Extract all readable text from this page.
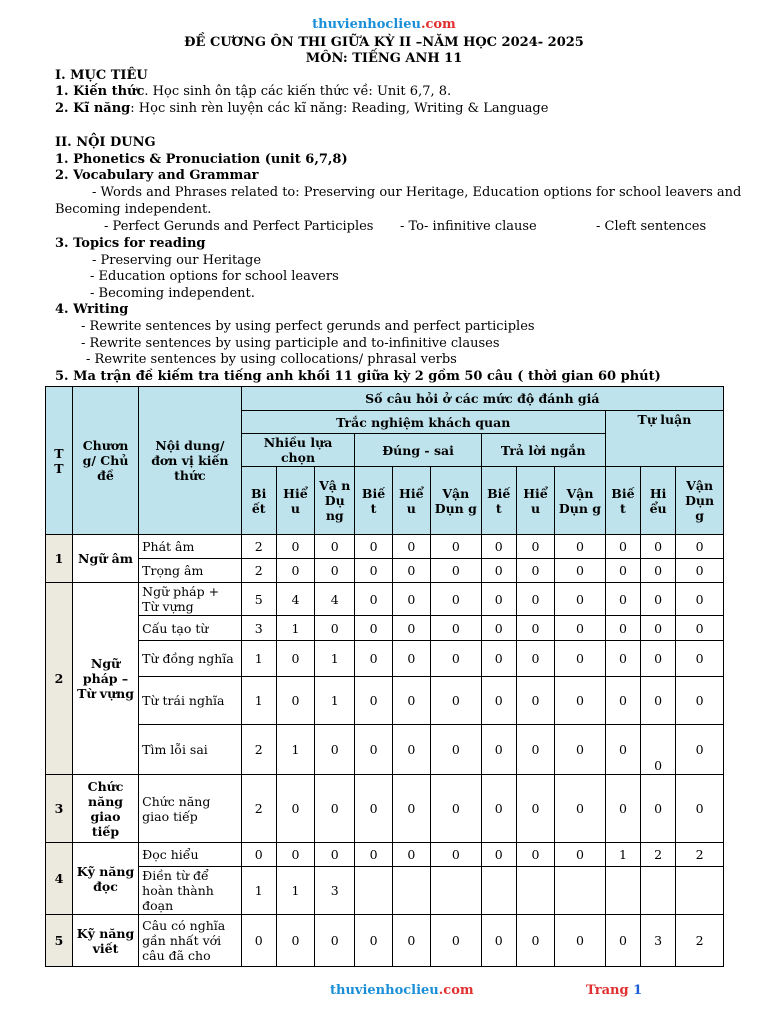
thuvienhoclieu.com
ĐỀ CƯƠNG ÔN THI GIỮA KỲ II –NĂM HỌC 2024- 2025
MÔN: TIẾNG ANH 11
I. MỤC TIÊU
1. Kiến thức. Học sinh ôn tập các kiến thức về: Unit 6,7, 8.
2. Kĩ năng: Học sinh rèn luyện các kĩ năng: Reading, Writing & Language
II. NỘI DUNG
1. Phonetics & Pronuciation (unit 6,7,8)
2. Vocabulary and Grammar
- Words and Phrases related to: Preserving our Heritage, Education options for school leavers and
Becoming independent.
- Perfect Gerunds and Perfect Participles - To- infinitive clause	- Cleft sentences
3. Topics for reading
- Preserving our Heritage
- Education options for school leavers
- Becoming independent.
4. Writing
- Rewrite sentences by using perfect gerunds and perfect participles
- Rewrite sentences by using participle and to-infinitive clauses
- Rewrite sentences by using collocations/ phrasal verbs
5. Ma trận đề kiếm tra tiếng anh khối 11 giữa kỳ 2 gồm 50 câu ( thời gian 60 phút)
T T	Chươn g/ Chủ đề	Nội dung/ đơn vị kiến thức	Số câu hỏi ở các mức độ đánh giá											
			Trắc nghiệm khách quan									Tự luận		
			Nhiều lựa chọn			Đúng - sai			Trả lời ngắn					
			Bi ết	Hiể u	Vậ n Dụ ng	Biế t	Hiể u	Vận Dụn g	Biế t	Hiể u	Vận Dụn g	Biế t	Hi ểu	Vận Dụn g
1	Ngữ âm	Phát âm	2	0	0	0	0	0	0	0	0	0	0	0
		Trọng âm	2	0	0	0	0	0	0	0	0	0	0	0
2	Ngữ pháp – Từ vựng	Ngữ pháp + Từ vựng	5	4	4	0	0	0	0	0	0	0	0	0
		Cấu tạo từ	3	1	0	0	0	0	0	0	0	0	0	0
		Từ đồng nghĩa	1	0	1	0	0	0	0	0	0	0	0	0
		Từ trái nghĩa	1	0	1	0	0	0	0	0	0	0	0	0
		Tìm lỗi sai	2	1	0	0	0	0	0	0	0	0	0	0
3	Chức năng giao tiếp	Chức năng giao tiếp	2	0	0	0	0	0	0	0	0	0	0	0
4	Kỹ năng đọc	Đọc hiểu	0	0	0	0	0	0	0	0	0	1	2	2
		Điền từ để hoàn thành đoạn	1	1	3									
5	Kỹ năng viết	Câu có nghĩa gần nhất với câu đã cho	0	0	0	0	0	0	0	0	0	0	3	2
thuvienhoclieu.com	Trang 1
